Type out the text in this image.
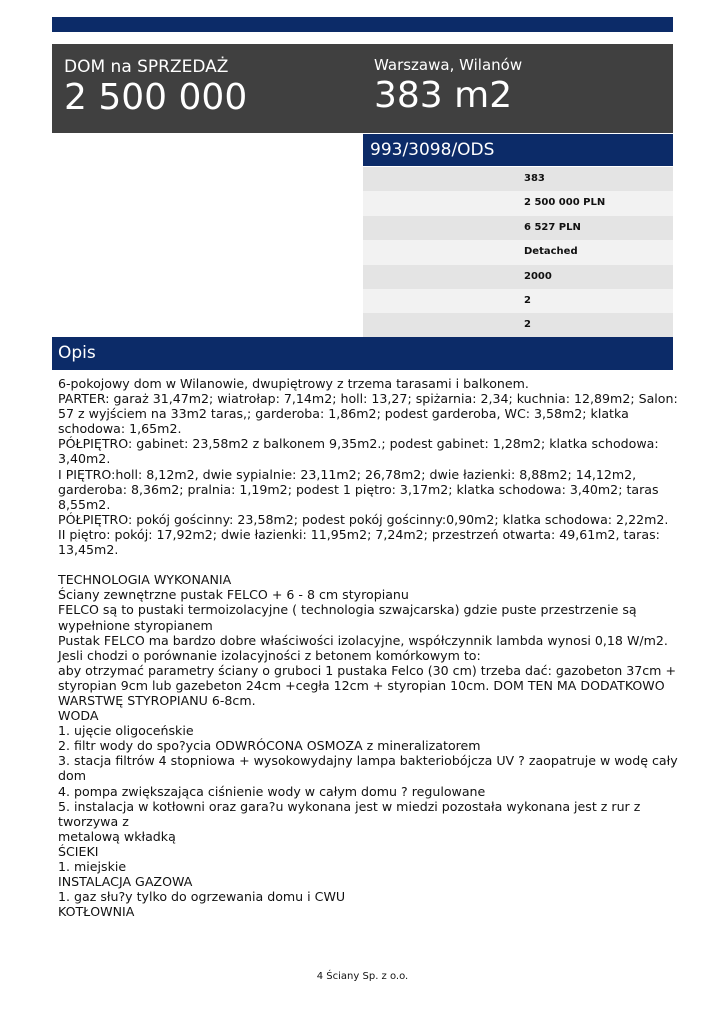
DOM na SPRZEDAŻ
2 500 000
Warszawa, Wilanów
383 m2
993/3098/ODS
383
2 500 000 PLN
6 527 PLN
Detached
2000
2
2
Opis
6-pokojowy dom w Wilanowie, dwupiętrowy z trzema tarasami i balkonem.
PARTER: garaż 31,47m2; wiatrołap: 7,14m2; holl: 13,27; spiżarnia: 2,34; kuchnia: 12,89m2; Salon:
57 z wyjściem na 33m2 taras,; garderoba: 1,86m2; podest garderoba, WC: 3,58m2; klatka
schodowa: 1,65m2.
PÓŁPIĘTRO: gabinet: 23,58m2 z balkonem 9,35m2.; podest gabinet: 1,28m2; klatka schodowa:
3,40m2.
I PIĘTRO:holl: 8,12m2, dwie sypialnie: 23,11m2; 26,78m2; dwie łazienki: 8,88m2; 14,12m2,
garderoba: 8,36m2; pralnia: 1,19m2; podest 1 piętro: 3,17m2; klatka schodowa: 3,40m2; taras
8,55m2.
PÓŁPIĘTRO: pokój gościnny: 23,58m2; podest pokój gościnny:0,90m2; klatka schodowa: 2,22m2.
II piętro: pokój: 17,92m2; dwie łazienki: 11,95m2; 7,24m2; przestrzeń otwarta: 49,61m2, taras:
13,45m2.
TECHNOLOGIA WYKONANIA
Ściany zewnętrzne pustak FELCO + 6 - 8 cm styropianu
FELCO są to pustaki termoizolacyjne ( technologia szwajcarska) gdzie puste przestrzenie są
wypełnione styropianem
Pustak FELCO ma bardzo dobre właściwości izolacyjne, współczynnik lambda wynosi 0,18 W/m2.
Jesli chodzi o porównanie izolacyjności z betonem komórkowym to:
aby otrzymać parametry ściany o gruboci 1 pustaka Felco (30 cm) trzeba dać: gazobeton 37cm +
styropian 9cm lub gazebeton 24cm +cegła 12cm + styropian 10cm. DOM TEN MA DODATKOWO
WARSTWĘ STYROPIANU 6-8cm.
WODA
1. ujęcie oligoceńskie
2. filtr wody do spo?ycia ODWRÓCONA OSMOZA z mineralizatorem
3. stacja filtrów 4 stopniowa + wysokowydajny lampa bakteriobójcza UV ? zaopatruje w wodę cały
dom
4. pompa zwiększająca ciśnienie wody w całym domu ? regulowane
5. instalacja w kotłowni oraz gara?u wykonana jest w miedzi pozostała wykonana jest z rur z
tworzywa z
metalową wkładką
ŚCIEKI
1. miejskie
INSTALACJA GAZOWA
1. gaz słu?y tylko do ogrzewania domu i CWU
KOTŁOWNIA
4 Ściany Sp. z o.o.
